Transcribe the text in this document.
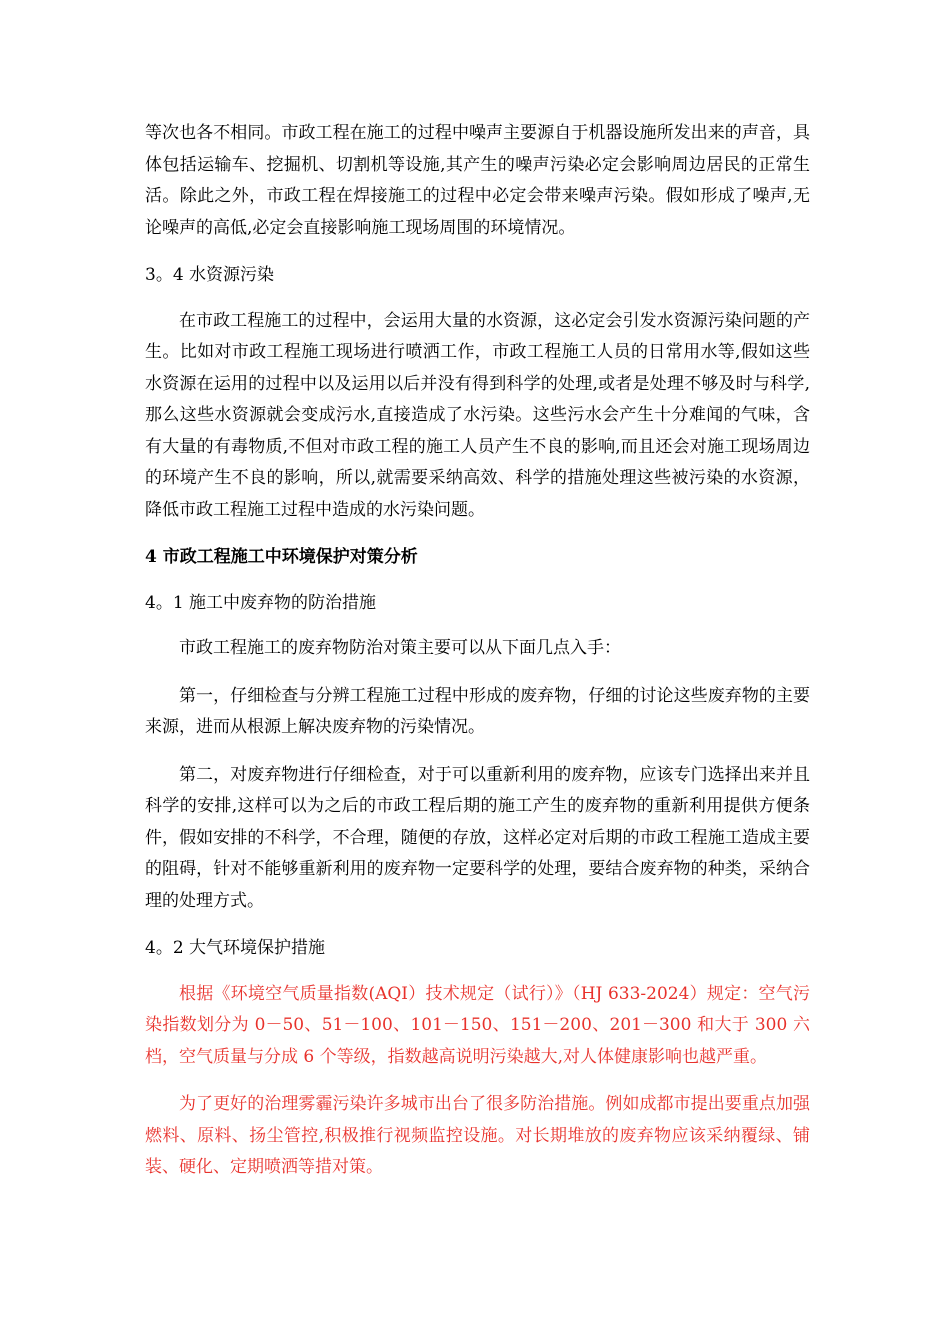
等次也各不相同。市政工程在施工的过程中噪声主要源自于机器设施所发出来的声音，具体包括运输车、挖掘机、切割机等设施,其产生的噪声污染必定会影响周边居民的正常生活。除此之外，市政工程在焊接施工的过程中必定会带来噪声污染。假如形成了噪声,无论噪声的高低,必定会直接影响施工现场周围的环境情况。

3。4 水资源污染

在市政工程施工的过程中，会运用大量的水资源，这必定会引发水资源污染问题的产生。比如对市政工程施工现场进行喷洒工作，市政工程施工人员的日常用水等,假如这些水资源在运用的过程中以及运用以后并没有得到科学的处理,或者是处理不够及时与科学,那么这些水资源就会变成污水,直接造成了水污染。这些污水会产生十分难闻的气味，含有大量的有毒物质,不但对市政工程的施工人员产生不良的影响,而且还会对施工现场周边的环境产生不良的影响，所以,就需要采纳高效、科学的措施处理这些被污染的水资源，降低市政工程施工过程中造成的水污染问题。

4 市政工程施工中环境保护对策分析
4。1 施工中废弃物的防治措施

市政工程施工的废弃物防治对策主要可以从下面几点入手：

第一，仔细检查与分辨工程施工过程中形成的废弃物，仔细的讨论这些废弃物的主要来源，进而从根源上解决废弃物的污染情况。

第二，对废弃物进行仔细检查，对于可以重新利用的废弃物，应该专门选择出来并且科学的安排,这样可以为之后的市政工程后期的施工产生的废弃物的重新利用提供方便条件，假如安排的不科学，不合理，随便的存放，这样必定对后期的市政工程施工造成主要的阻碍，针对不能够重新利用的废弃物一定要科学的处理，要结合废弃物的种类，采纳合理的处理方式。

4。2 大气环境保护措施

根据《环境空气质量指数(AQI）技术规定（试行）》（HJ 633-2024）规定：空气污染指数划分为 0－50、51－100、101－150、151－200、201－300 和大于 300 六档，空气质量与分成 6 个等级，指数越高说明污染越大,对人体健康影响也越严重。

为了更好的治理雾霾污染许多城市出台了很多防治措施。例如成都市提出要重点加强燃料、原料、扬尘管控,积极推行视频监控设施。对长期堆放的废弃物应该采纳覆绿、铺装、硬化、定期喷洒等措对策。
